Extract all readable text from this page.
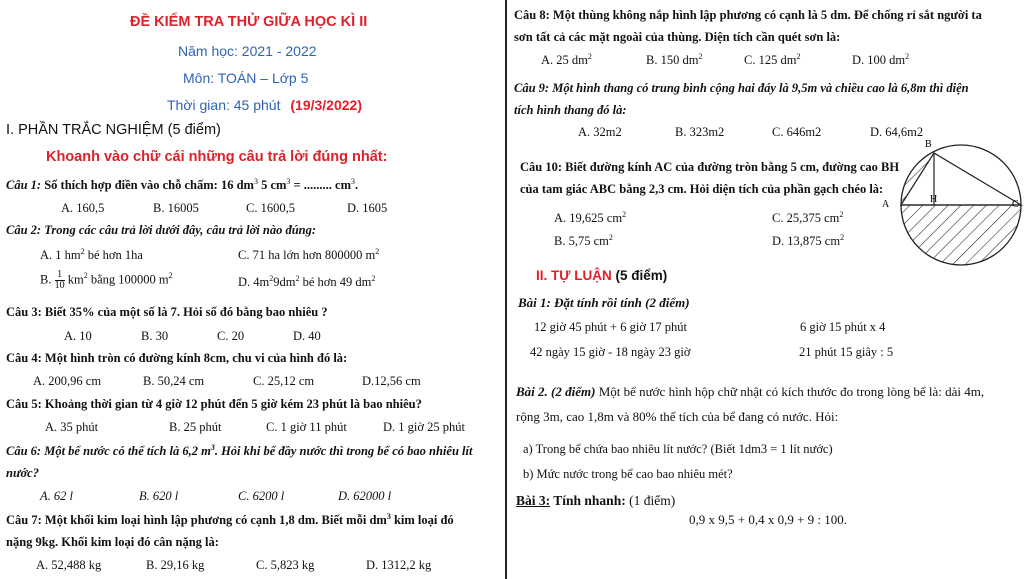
ĐỀ KIỂM TRA THỬ GIỮA HỌC KÌ II
Năm học: 2021 - 2022
Môn: TOÁN – Lớp 5
Thời gian: 45 phút (19/3/2022)
I. PHẦN TRẮC NGHIỆM (5 điểm)
Khoanh vào chữ cái những câu trả lời đúng nhất:
Câu 1: Số thích hợp điền vào chỗ chấm: 16 $dm^3$ 5 $cm^3$ = ......... $cm^3$.
A. 160,5	B. 16005	C. 1600,5	D. 1605
Câu 2: Trong các câu trả lời dưới đây, câu trả lời nào đúng:
A. 1 $hm^2$ bé hơn 1ha	C. 71 ha lớn hơn 800000 $m^2$
B. $\frac{1}{10} km^2$ bằng 100000 $m^2$	D. $4m^29dm^2$ bé hơn 49 $dm^2$
Câu 3: Biết 35% của một số là 7. Hỏi số đó bằng bao nhiêu ?
A. 10	B. 30	C. 20	D. 40
Câu 4: Một hình tròn có đường kính 8cm, chu vi của hình đó là:
A. 200,96 cm	B. 50,24 cm	C. 25,12 cm	D.12,56 cm
Câu 5: Khoảng thời gian từ 4 giờ 12 phút đến 5 giờ kém 23 phút là bao nhiêu?
A. 35 phút	B. 25 phút	C. 1 giờ 11 phút	D. 1 giờ 25 phút
Câu 6: Một bể nước có thể tích là 6,2 $m^3$. Hỏi khi bể đầy nước thì trong bể có bao nhiêu lít
nước?
A. 62 l	B. 620 l	C. 6200 l	D. 62000 l
Câu 7: Một khối kim loại hình lập phương có cạnh 1,8 dm. Biết mỗi $dm^3$ kim loại đó
nặng 9kg. Khối kim loại đó cân nặng là:
A. 52,488 kg	B. 29,16 kg	C. 5,823 kg	D. 1312,2 kg
Câu 8: Một thùng không nắp hình lập phương có cạnh là 5 dm. Để chống rỉ sắt người ta
sơn tất cả các mặt ngoài của thùng. Diện tích cần quét sơn là:
A. 25 $dm^2$	B. 150 $dm^2$	C. 125 $dm^2$	D. 100 $dm^2$
Câu 9: Một hình thang có trung bình cộng hai đáy là 9,5m và chiều cao là 6,8m thì diện
tích hình thang đó là:
A. 32m2	B. 323m2	C. 646m2	D. 64,6m2
Câu 10: Biết đường kính AC của đường tròn bằng 5 cm, đường cao BH
của tam giác ABC bằng 2,3 cm. Hỏi diện tích của phần gạch chéo là:
A. 19,625 $cm^2$	C. 25,375 $cm^2$
B. 5,75 $cm^2$	D. 13,875 $cm^2$
A
B
C
H
II. TỰ LUẬN (5 điểm)
Bài 1: Đặt tính rồi tính (2 điểm)
12 giờ 45 phút + 6 giờ 17 phút	6 giờ 15 phút x 4
42 ngày 15 giờ - 18 ngày 23 giờ	21 phút 15 giây : 5
Bài 2. (2 điểm) Một bể nước hình hộp chữ nhật có kích thước đo trong lòng bể là: dài 4m,
rộng 3m, cao 1,8m và 80% thể tích của bể đang có nước. Hỏi:
a) Trong bể chứa bao nhiêu lít nước? (Biết 1dm3 = 1 lít nước)
b) Mức nước trong bể cao bao nhiêu mét?
Bài 3: Tính nhanh: (1 điểm)
0,9 x 9,5 + 0,4 x 0,9 + 9 : 100.
